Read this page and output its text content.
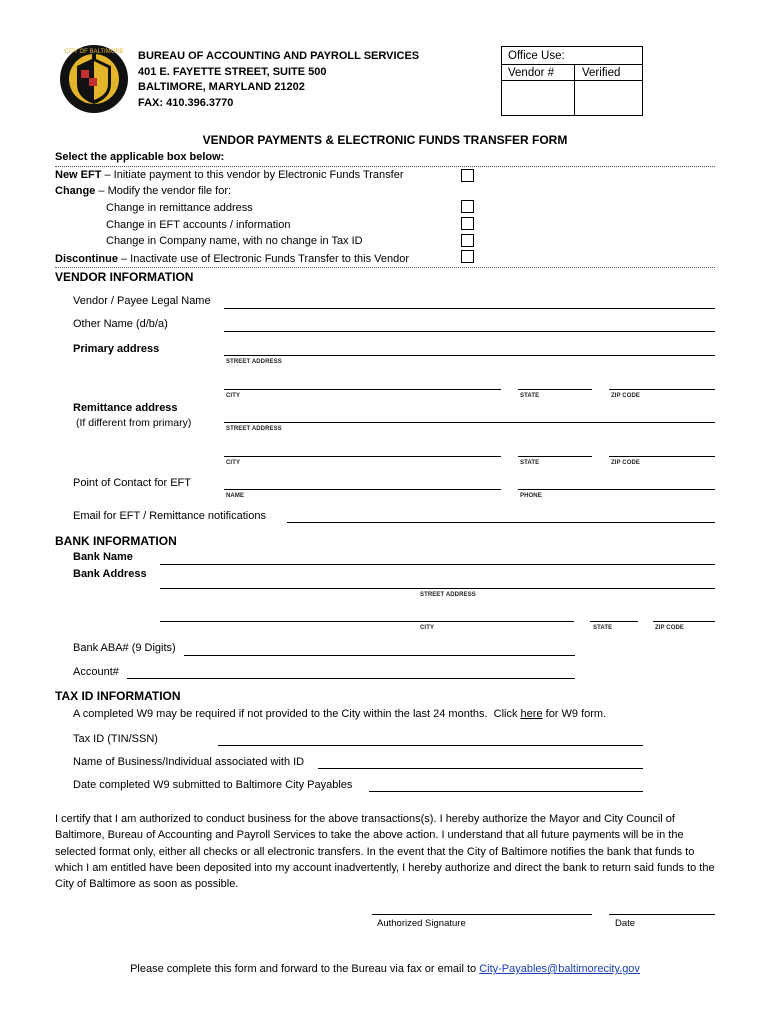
CITY OF BALTIMORE BUREAU OF ACCOUNTING AND PAYROLL SERVICES
401 E. FAYETTE STREET, SUITE 500
BALTIMORE, MARYLAND 21202
FAX: 410.396.3770
Office Use:
Vendor # Verified
VENDOR PAYMENTS & ELECTRONIC FUNDS TRANSFER FORM
Select the applicable box below:
New EFT – Initiate payment to this vendor by Electronic Funds Transfer
Change – Modify the vendor file for:
Change in remittance address
Change in EFT accounts / information
Change in Company name, with no change in Tax ID
Discontinue – Inactivate use of Electronic Funds Transfer to this Vendor
VENDOR INFORMATION
Vendor / Payee Legal Name
Other Name (d/b/a)
Primary address
STREET ADDRESS
CITY	STATE	ZIP CODE
Remittance address
(If different from primary)	STREET ADDRESS
CITY	STATE	ZIP CODE
Point of Contact for EFT
NAME	PHONE
Email for EFT / Remittance notifications
BANK INFORMATION
Bank Name
Bank Address
STREET ADDRESS
CITY	STATE	ZIP CODE
Bank ABA# (9 Digits)
Account#
TAX ID INFORMATION
A completed W9 may be required if not provided to the City within the last 24 months.  Click here for W9 form.
Tax ID (TIN/SSN)
Name of Business/Individual associated with ID
Date completed W9 submitted to Baltimore City Payables
I certify that I am authorized to conduct business for the above transactions(s). I hereby authorize the Mayor and City Council of Baltimore, Bureau of Accounting and Payroll Services to take the above action. I understand that all future payments will be in the selected format only, either all checks or all electronic transfers. In the event that the City of Baltimore notifies the bank that funds to which I am entitled have been deposited into my account inadvertently, I hereby authorize and direct the bank to return said funds to the City of Baltimore as soon as possible.
Authorized Signature	Date
Please complete this form and forward to the Bureau via fax or email to City-Payables@baltimorecity.gov
